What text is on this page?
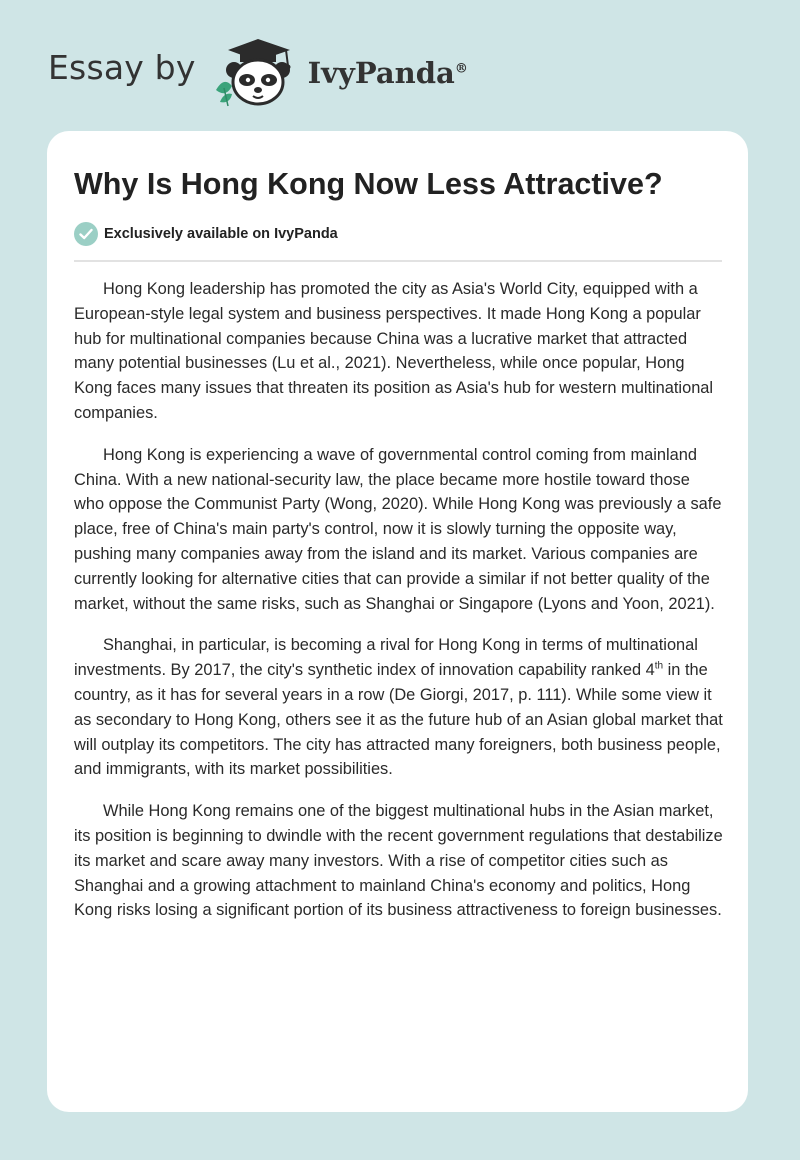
Essay by	IvyPanda®
Why Is Hong Kong Now Less Attractive?
Exclusively available on IvyPanda

Hong Kong leadership has promoted the city as Asia's World City, equipped with a European-style legal system and business perspectives. It made Hong Kong a popular hub for multinational companies because China was a lucrative market that attracted many potential businesses (Lu et al., 2021). Nevertheless, while once popular, Hong Kong faces many issues that threaten its position as Asia's hub for western multinational companies.

Hong Kong is experiencing a wave of governmental control coming from mainland China. With a new national-security law, the place became more hostile toward those who oppose the Communist Party (Wong, 2020). While Hong Kong was previously a safe place, free of China's main party's control, now it is slowly turning the opposite way, pushing many companies away from the island and its market. Various companies are currently looking for alternative cities that can provide a similar if not better quality of the market, without the same risks, such as Shanghai or Singapore (Lyons and Yoon, 2021).

Shanghai, in particular, is becoming a rival for Hong Kong in terms of multinational investments. By 2017, the city's synthetic index of innovation capability ranked 4th in the country, as it has for several years in a row (De Giorgi, 2017, p. 111). While some view it as secondary to Hong Kong, others see it as the future hub of an Asian global market that will outplay its competitors. The city has attracted many foreigners, both business people, and immigrants, with its market possibilities.

While Hong Kong remains one of the biggest multinational hubs in the Asian market, its position is beginning to dwindle with the recent government regulations that destabilize its market and scare away many investors. With a rise of competitor cities such as Shanghai and a growing attachment to mainland China's economy and politics, Hong Kong risks losing a significant portion of its business attractiveness to foreign businesses.
